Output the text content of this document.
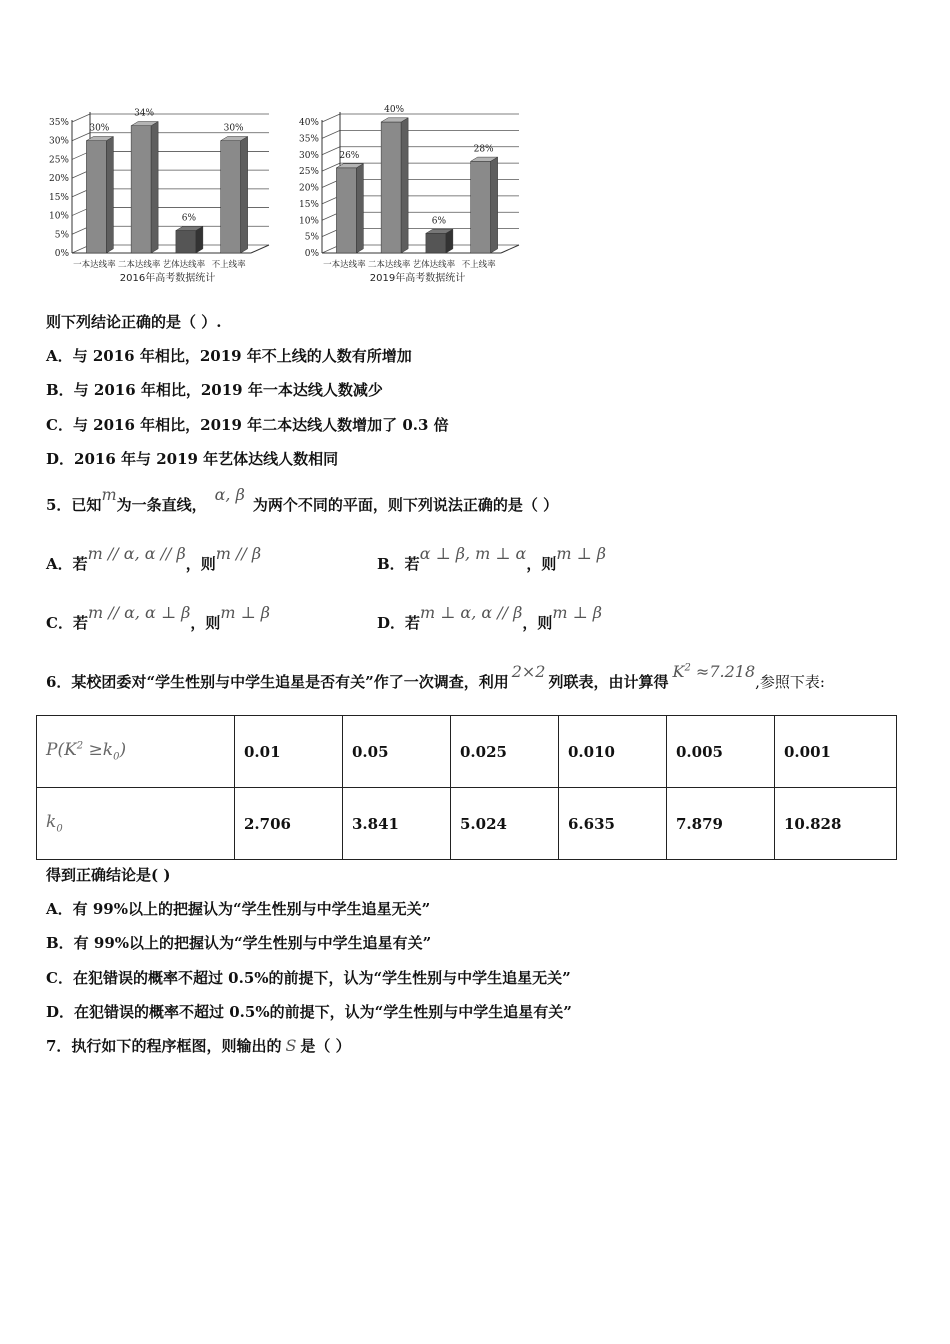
0%
5%
10%
15%
20%
25%
30%
35%
30%
一本达线率
34%
二本达线率
6%
艺体达线率
30%
不上线率
2016年高考数据统计
0%
5%
10%
15%
20%
25%
30%
35%
40%
26%
一本达线率
40%
二本达线率
6%
艺体达线率
28%
不上线率
2019年高考数据统计
则下列结论正确的是（ ）.
A．与 2016 年相比，2019 年不上线的人数有所增加
B．与 2016 年相比，2019 年一本达线人数减少
C．与 2016 年相比，2019 年二本达线人数增加了 0.3 倍
D．2016 年与 2019 年艺体达线人数相同
5．已知m为一条直线，α, β为两个不同的平面，则下列说法正确的是（ ）
A．若m // α, α // β，则m // β
B．若α ⊥ β, m ⊥ α，则m ⊥ β
C．若m // α, α ⊥ β，则m ⊥ β
D．若m ⊥ α, α // β，则m ⊥ β
6．某校团委对“学生性别与中学生追星是否有关”作了一次调查，利用2×2列联表，由计算得$K^2 \approx 7.218$,参照下表:
$P(K^2 \ge k_0)$	0.01	0.05	0.025	0.010	0.005	0.001
$k_0$	2.706	3.841	5.024	6.635	7.879	10.828
得到正确结论是( )
A．有 99%以上的把握认为“学生性别与中学生追星无关”
B．有 99%以上的把握认为“学生性别与中学生追星有关”
C．在犯错误的概率不超过 0.5%的前提下，认为“学生性别与中学生追星无关”
D．在犯错误的概率不超过 0.5%的前提下，认为“学生性别与中学生追星有关”
7．执行如下的程序框图，则输出的 S 是（ ）
